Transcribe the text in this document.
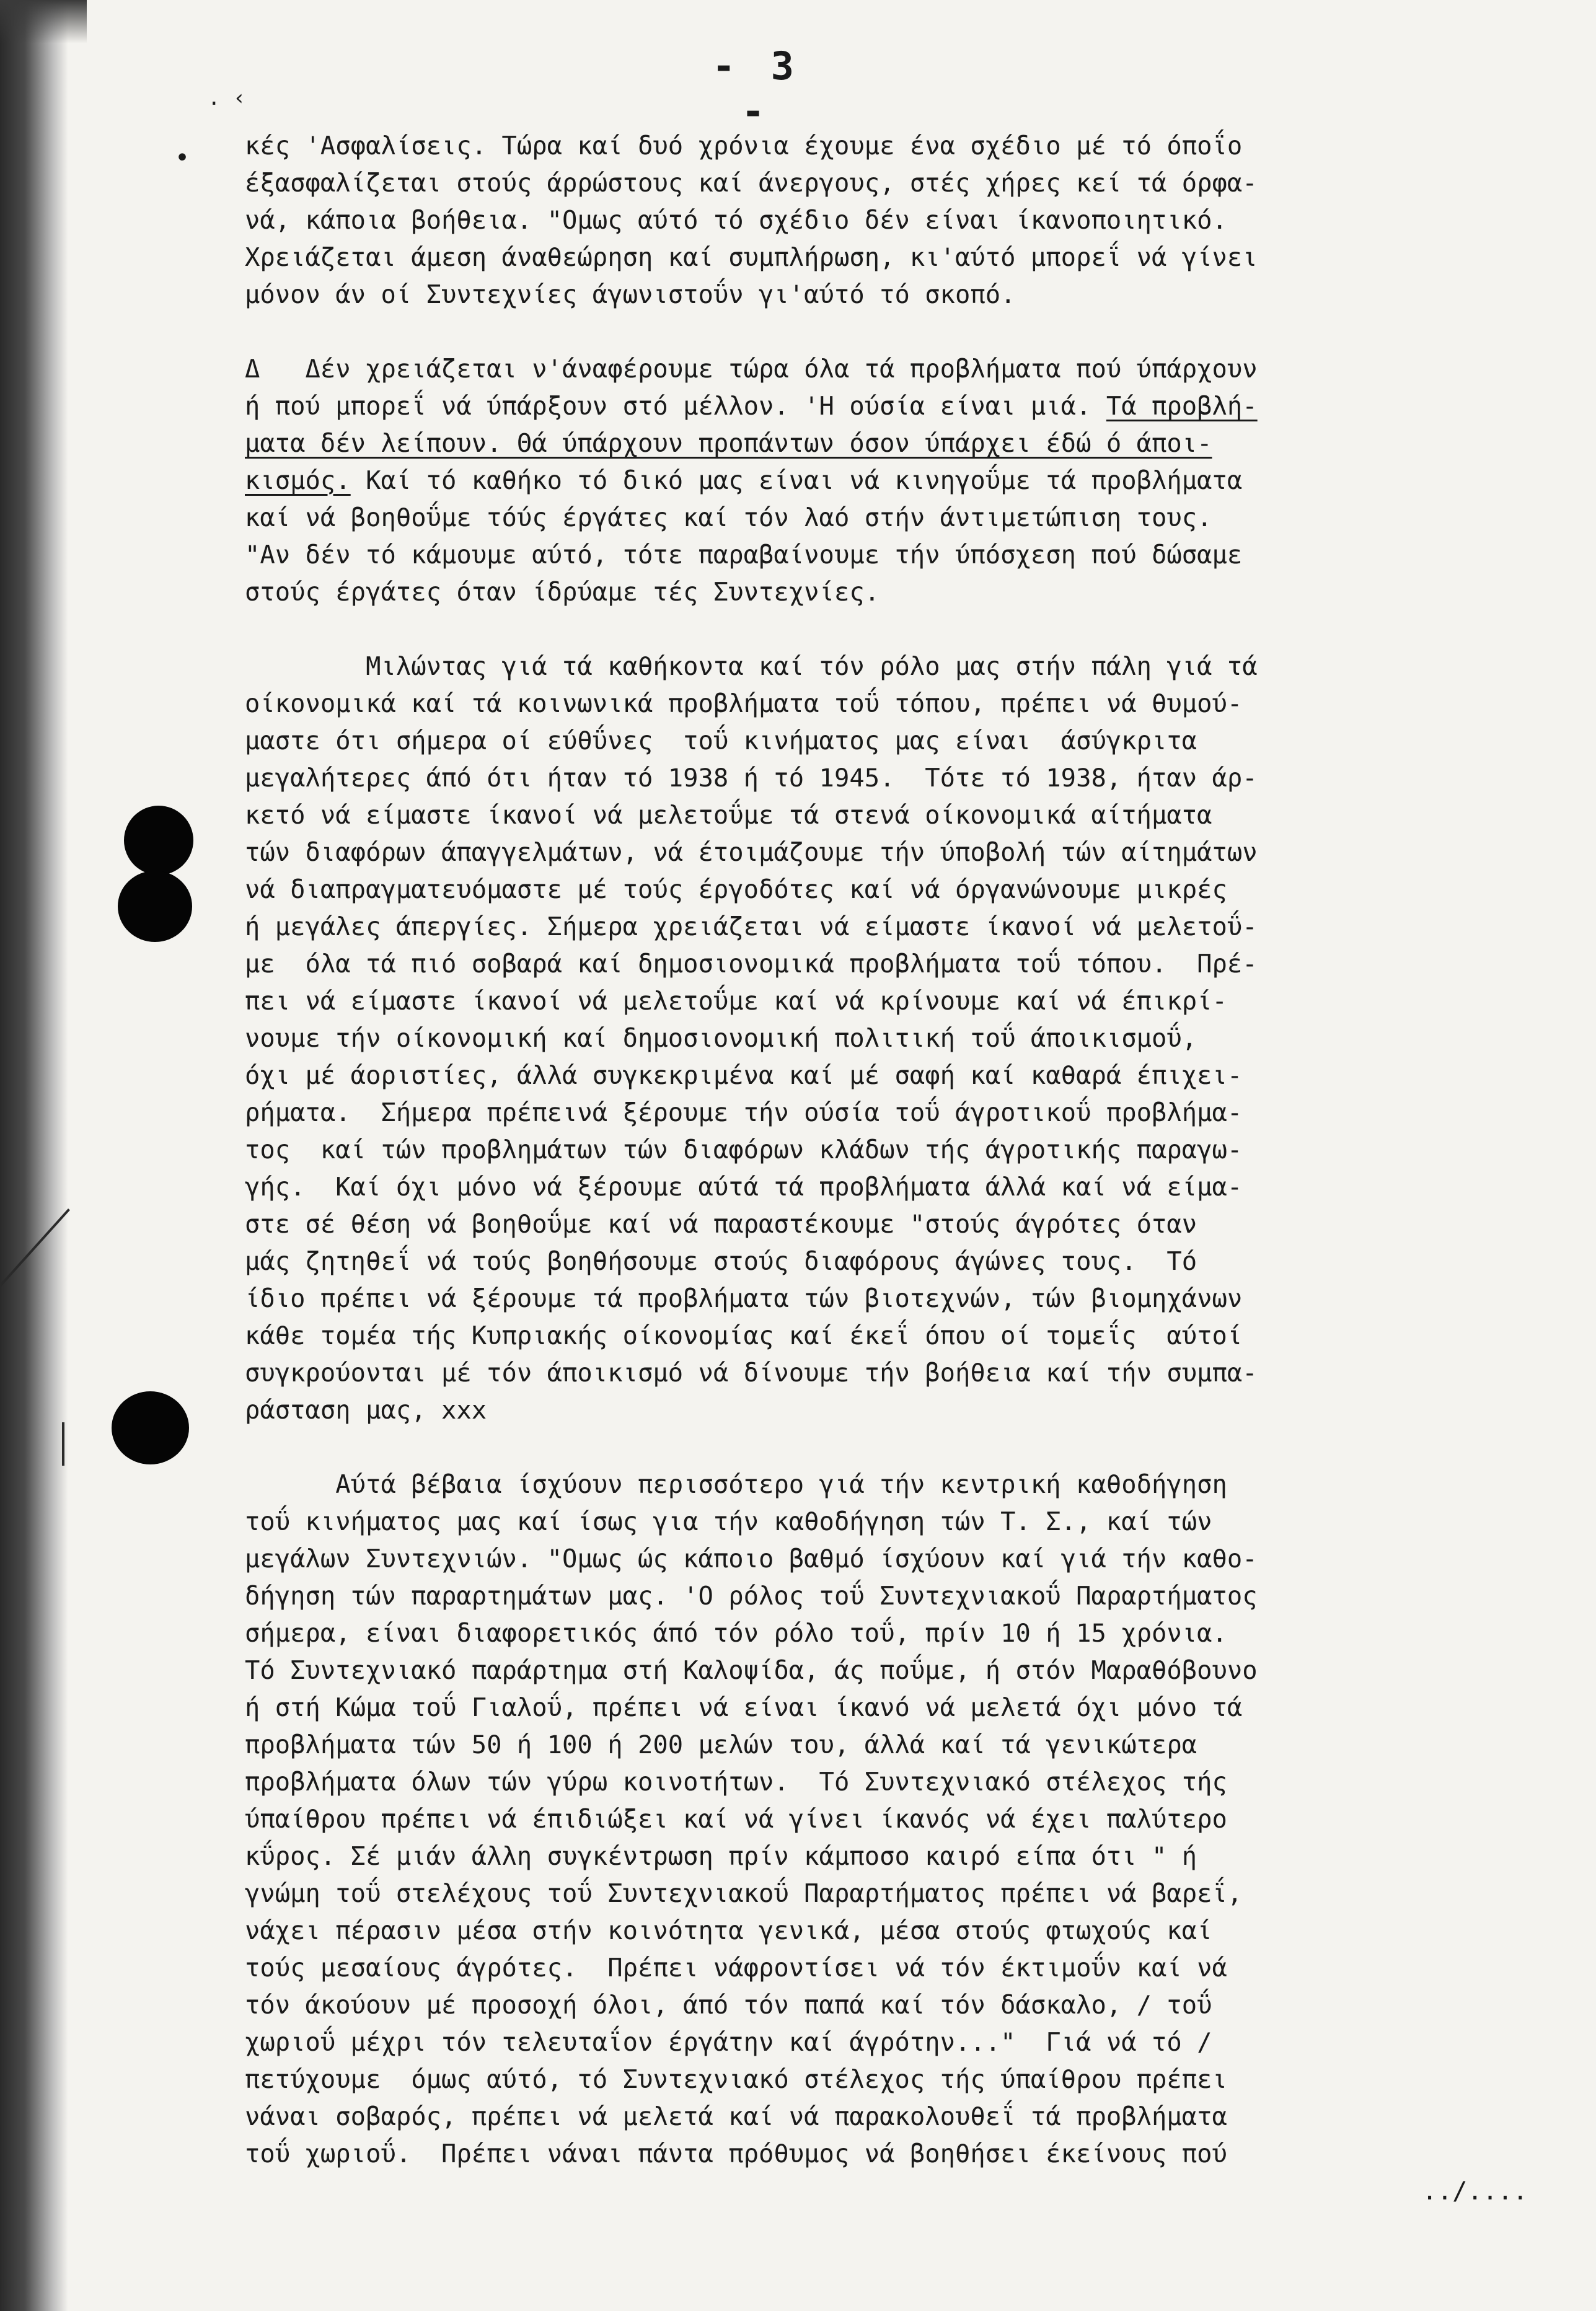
. ‹
•
- 3 -
κές 'Ασφαλίσεις. Τώρα καί δυό χρόνια έχουμε ένα σχέδιο μέ τό όποΐο
έξασφαλίζεται στούς άρρώστους καί άνεργους, στές χήρες κεί τά όρφα-
νά, κάποια βοήθεια. "Ομως αύτό τό σχέδιο δέν είναι ίκανοποιητικό.
Χρειάζεται άμεση άναθεώρηση καί συμπλήρωση, κι'αύτό μπορεΐ νά γίνει
μόνον άν οί Συντεχνίες άγωνιστοΰν γι'αύτό τό σκοπό.
Δ   Δέν χρειάζεται ν'άναφέρουμε τώρα όλα τά προβλήματα πού ύπάρχουν
ή πού μπορεΐ νά ύπάρξουν στό μέλλον. 'Η ούσία είναι μιά. Τά προβλή-
ματα δέν λείπουν. Θά ύπάρχουν προπάντων όσον ύπάρχει έδώ ό άποι-
κισμός. Καί τό καθήκο τό δικό μας είναι νά κινηγοΰμε τά προβλήματα
καί νά βοηθοΰμε τόύς έργάτες καί τόν λαό στήν άντιμετώπιση τους.
"Αν δέν τό κάμουμε αύτό, τότε παραβαίνουμε τήν ύπόσχεση πού δώσαμε
στούς έργάτες όταν ίδρύαμε τές Συντεχνίες.
Μιλώντας γιά τά καθήκοντα καί τόν ρόλο μας στήν πάλη γιά τά
οίκονομικά καί τά κοινωνικά προβλήματα τοΰ τόπου, πρέπει νά θυμού-
μαστε ότι σήμερα οί εύθΰνες  τοΰ κινήματος μας είναι  άσύγκριτα
μεγαλήτερες άπό ότι ήταν τό 1938 ή τό 1945.  Τότε τό 1938, ήταν άρ-
κετό νά είμαστε ίκανοί νά μελετοΰμε τά στενά οίκονομικά αίτήματα
τών διαφόρων άπαγγελμάτων, νά έτοιμάζουμε τήν ύποβολή τών αίτημάτων
νά διαπραγματευόμαστε μέ τούς έργοδότες καί νά όργανώνουμε μικρές
ή μεγάλες άπεργίες. Σήμερα χρειάζεται νά είμαστε ίκανοί νά μελετοΰ-
με  όλα τά πιό σοβαρά καί δημοσιονομικά προβλήματα τοΰ τόπου.  Πρέ-
πει νά είμαστε ίκανοί νά μελετοΰμε καί νά κρίνουμε καί νά έπικρί-
νουμε τήν οίκονομική καί δημοσιονομική πολιτική τοΰ άποικισμοΰ,
όχι μέ άοριστίες, άλλά συγκεκριμένα καί μέ σαφή καί καθαρά έπιχει-
ρήματα.  Σήμερα πρέπεινά ξέρουμε τήν ούσία τοΰ άγροτικοΰ προβλήμα-
τος  καί τών προβλημάτων τών διαφόρων κλάδων τής άγροτικής παραγω-
γής.  Καί όχι μόνο νά ξέρουμε αύτά τά προβλήματα άλλά καί νά είμα-
στε σέ θέση νά βοηθοΰμε καί νά παραστέκουμε "στούς άγρότες όταν
μάς ζητηθεΐ νά τούς βοηθήσουμε στούς διαφόρους άγώνες τους.  Τό
ίδιο πρέπει νά ξέρουμε τά προβλήματα τών βιοτεχνών, τών βιομηχάνων
κάθε τομέα τής Κυπριακής οίκονομίας καί έκεΐ όπου οί τομεΐς  αύτοί
συγκρούονται μέ τόν άποικισμό νά δίνουμε τήν βοήθεια καί τήν συμπα-
ράσταση μας, xxx
Αύτά βέβαια ίσχύουν περισσότερο γιά τήν κεντρική καθοδήγηση
τοΰ κινήματος μας καί ίσως για τήν καθοδήγηση τών Τ. Σ., καί τών
μεγάλων Συντεχνιών. "Ομως ώς κάποιο βαθμό ίσχύουν καί γιά τήν καθο-
δήγηση τών παραρτημάτων μας. 'Ο ρόλος τοΰ Συντεχνιακοΰ Παραρτήματος
σήμερα, είναι διαφορετικός άπό τόν ρόλο τοΰ, πρίν 10 ή 15 χρόνια.
Τό Συντεχνιακό παράρτημα στή Καλοψίδα, άς ποΰμε, ή στόν Μαραθόβουνο
ή στή Κώμα τοΰ Γιαλοΰ, πρέπει νά είναι ίκανό νά μελετά όχι μόνο τά
προβλήματα τών 50 ή 100 ή 200 μελών του, άλλά καί τά γενικώτερα
προβλήματα όλων τών γύρω κοινοτήτων.  Τό Συντεχνιακό στέλεχος τής
ύπαίθρου πρέπει νά έπιδιώξει καί νά γίνει ίκανός νά έχει παλύτερο
κΰρος. Σέ μιάν άλλη συγκέντρωση πρίν κάμποσο καιρό είπα ότι " ή
γνώμη τοΰ στελέχους τοΰ Συντεχνιακοΰ Παραρτήματος πρέπει νά βαρεΐ,
νάχει πέρασιν μέσα στήν κοινότητα γενικά, μέσα στούς φτωχούς καί
τούς μεσαίους άγρότες.  Πρέπει νάφροντίσει νά τόν έκτιμοΰν καί νά
τόν άκούουν μέ προσοχή όλοι, άπό τόν παπά καί τόν δάσκαλο, / τοΰ
χωριοΰ μέχρι τόν τελευταΐον έργάτην καί άγρότην..."  Γιά νά τό /
πετύχουμε  όμως αύτό, τό Συντεχνιακό στέλεχος τής ύπαίθρου πρέπει
νάναι σοβαρός, πρέπει νά μελετά καί νά παρακολουθεΐ τά προβλήματα
τοΰ χωριοΰ.  Πρέπει νάναι πάντα πρόθυμος νά βοηθήσει έκείνους πού
../....
